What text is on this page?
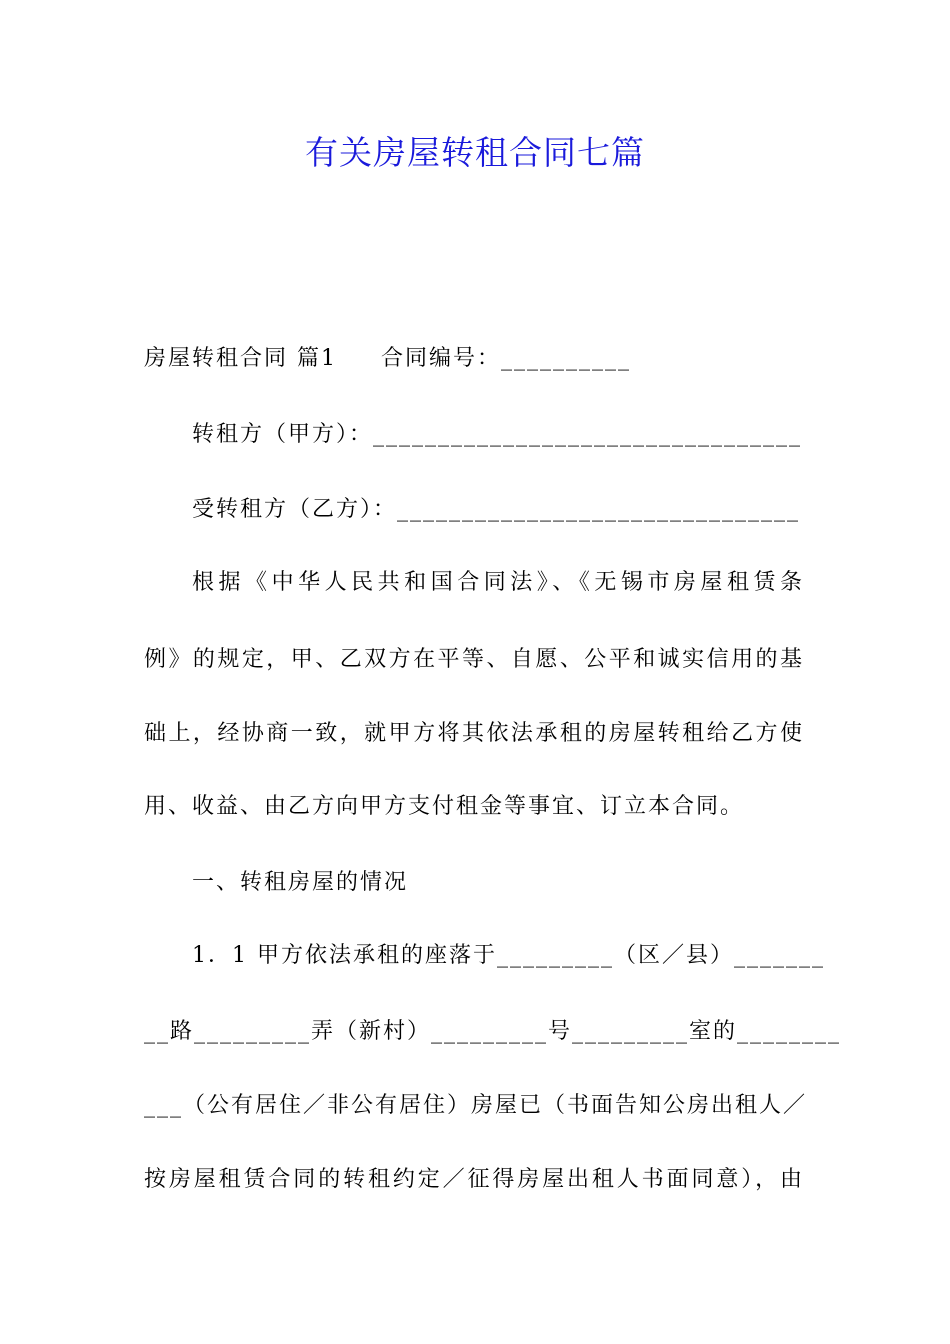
有关房屋转租合同七篇
房屋转租合同 篇1 合同编号：__________
转租方（甲方）：_________________________________
受转租方（乙方）：_______________________________
根据《中华人民共和国合同法》、《无锡市房屋租赁条
例》的规定，甲、乙双方在平等、自愿、公平和诚实信用的基
础上，经协商一致，就甲方将其依法承租的房屋转租给乙方使
用、收益、由乙方向甲方支付租金等事宜、订立本合同。
一、转租房屋的情况
1．1 甲方依法承租的座落于_________（区／县）_______
__路_________弄（新村）_________号_________室的________
___（公有居住／非公有居住）房屋已（书面告知公房出租人／
按房屋租赁合同的转租约定／征得房屋出租人书面同意），由
